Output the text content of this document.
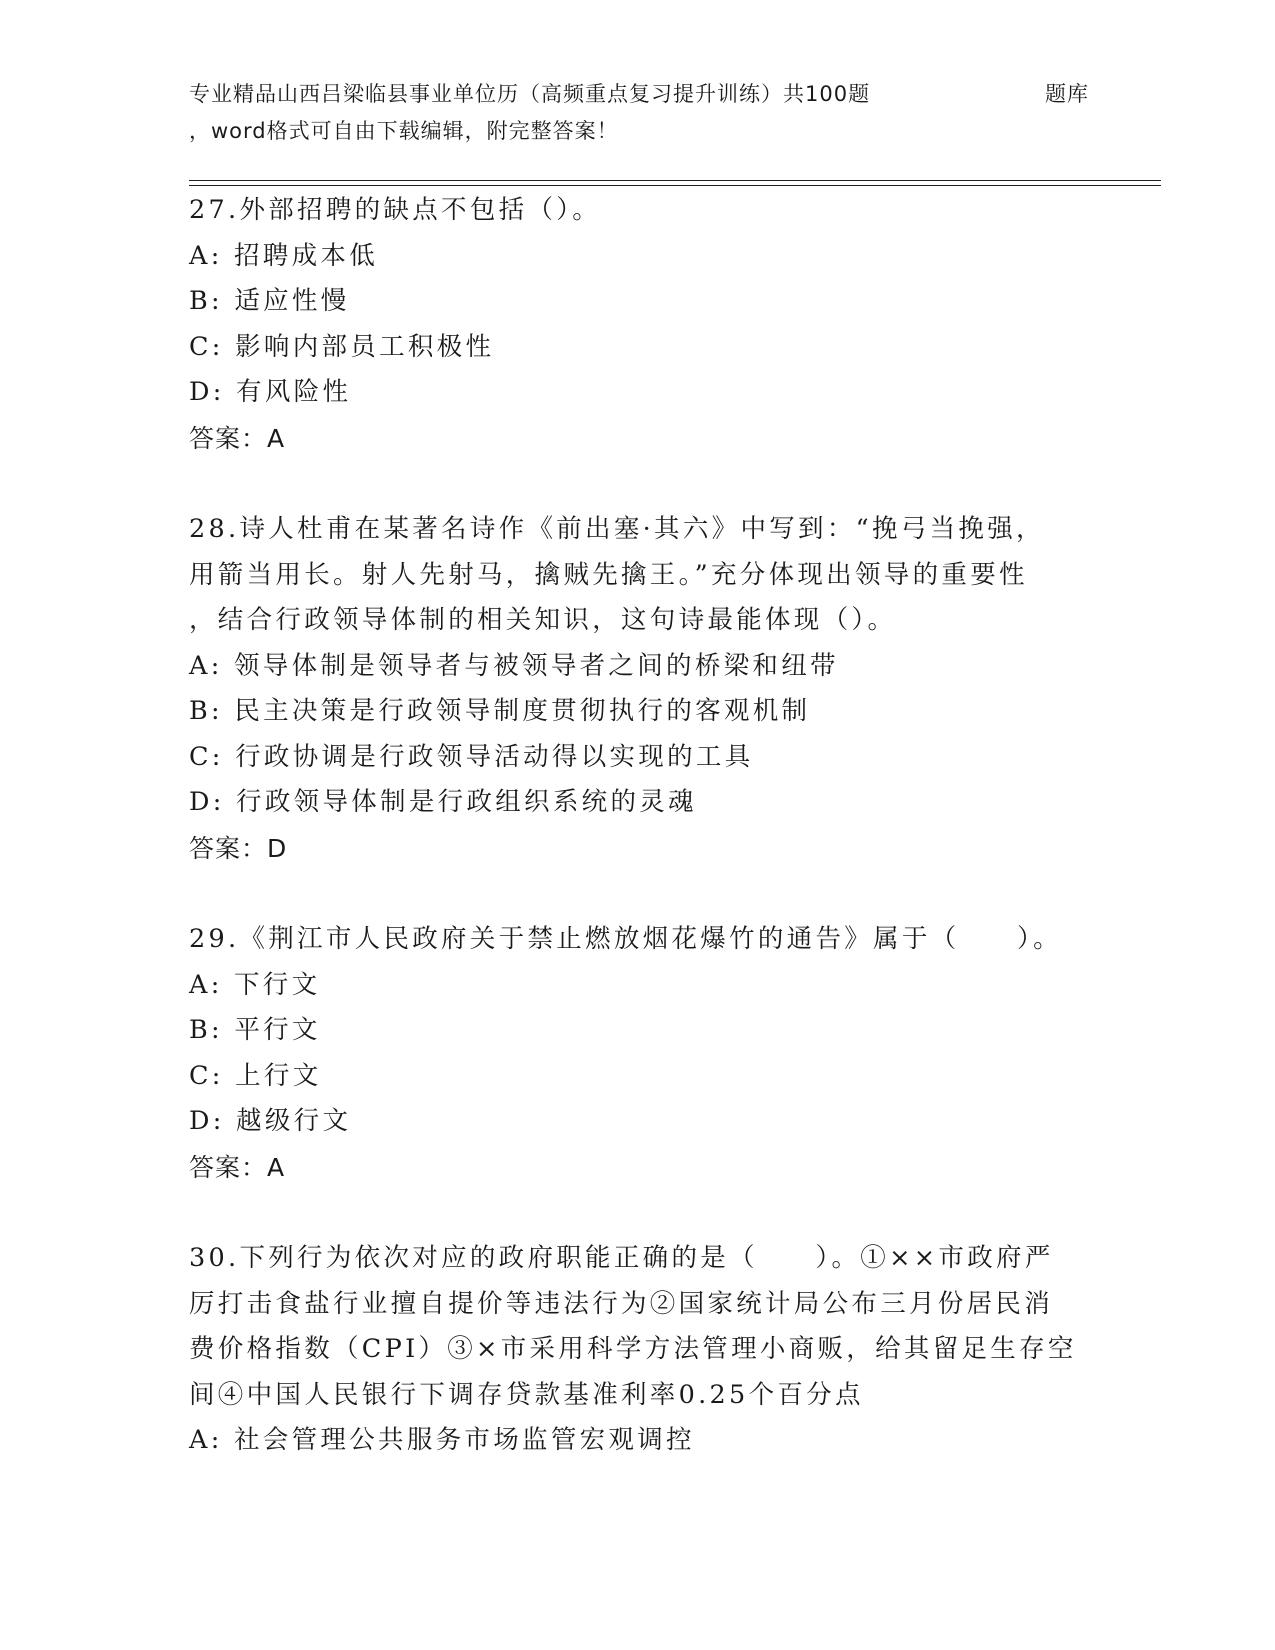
专业精品山西吕梁临县事业单位历（高频重点复习提升训练）共100题	题库
，word格式可自由下载编辑，附完整答案！
27.外部招聘的缺点不包括（）。
A: 招聘成本低
B: 适应性慢
C: 影响内部员工积极性
D: 有风险性
答案：A
28.诗人杜甫在某著名诗作《前出塞·其六》中写到：“挽弓当挽强，
用箭当用长。射人先射马，擒贼先擒王。”充分体现出领导的重要性
，结合行政领导体制的相关知识，这句诗最能体现（）。
A: 领导体制是领导者与被领导者之间的桥梁和纽带
B: 民主决策是行政领导制度贯彻执行的客观机制
C: 行政协调是行政领导活动得以实现的工具
D: 行政领导体制是行政组织系统的灵魂
答案：D
29.《荆江市人民政府关于禁止燃放烟花爆竹的通告》属于（　　）。
A: 下行文
B: 平行文
C: 上行文
D: 越级行文
答案：A
30.下列行为依次对应的政府职能正确的是（　　）。①××市政府严
厉打击食盐行业擅自提价等违法行为②国家统计局公布三月份居民消
费价格指数（CPI）③×市采用科学方法管理小商贩，给其留足生存空
间④中国人民银行下调存贷款基准利率0.25个百分点
A: 社会管理公共服务市场监管宏观调控
